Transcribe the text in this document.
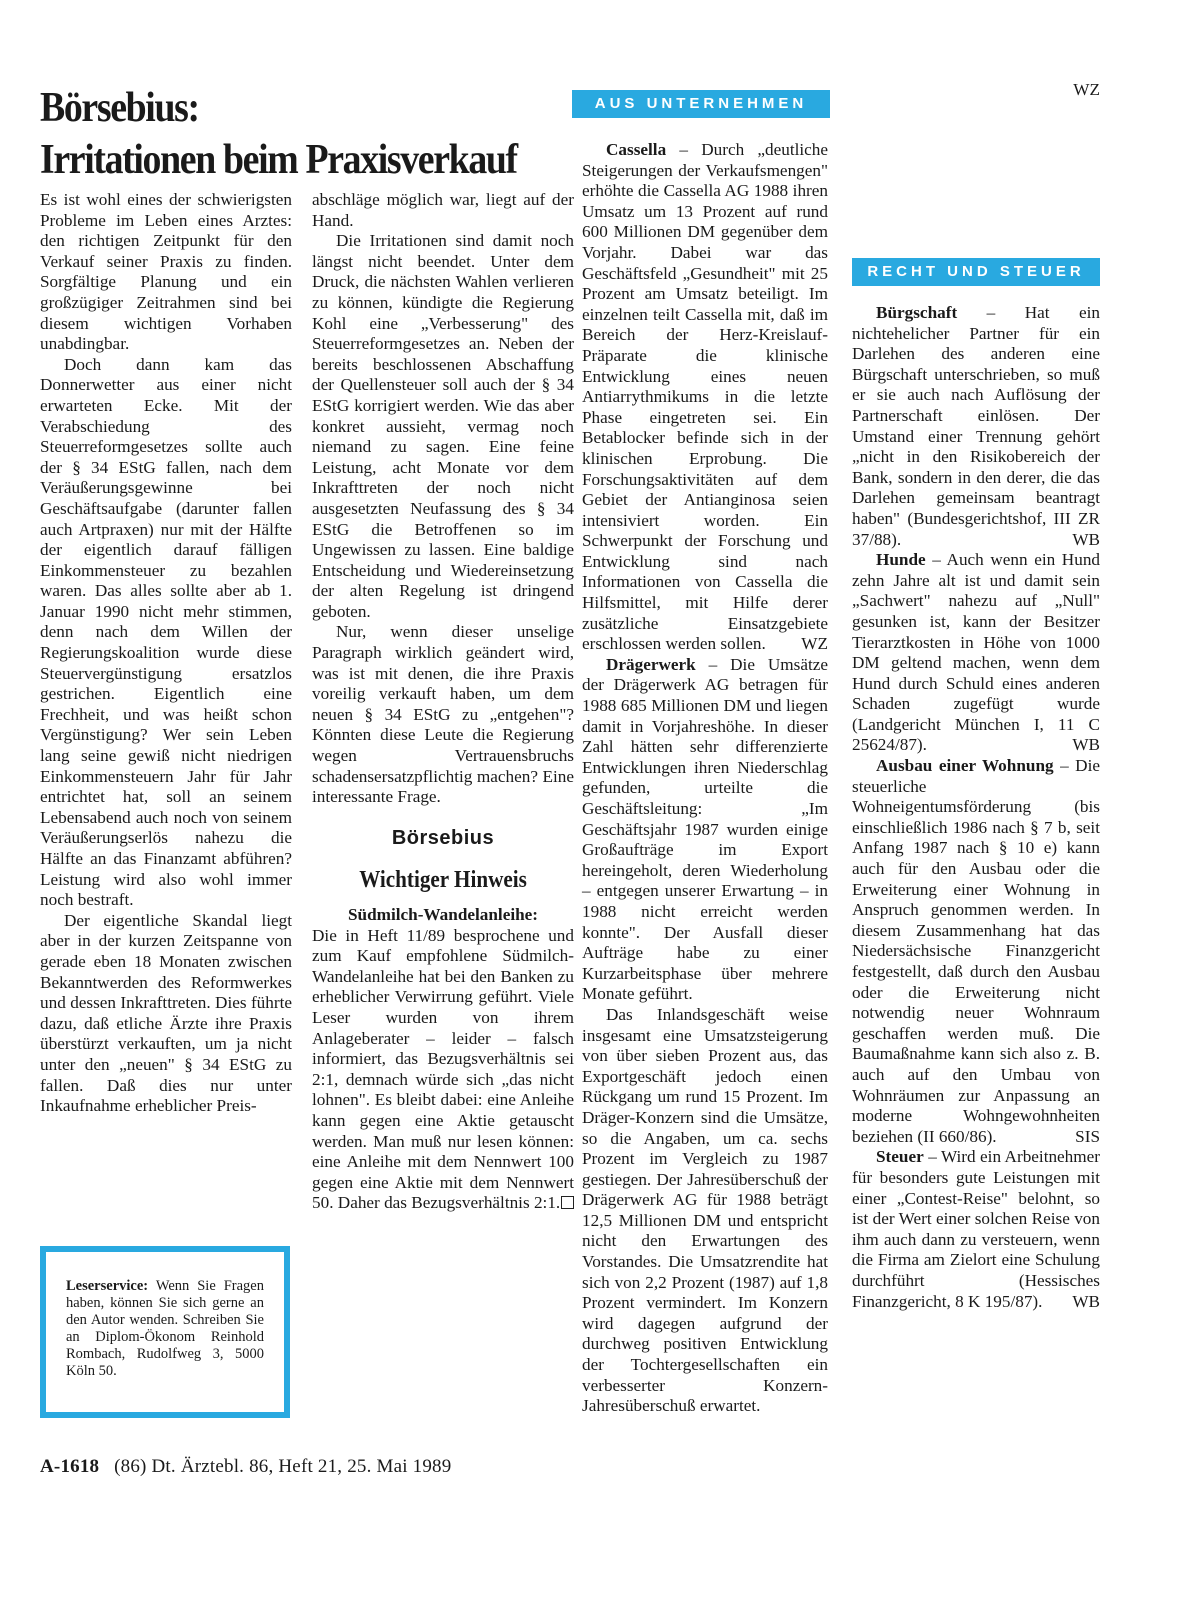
Börsebius:
Irritationen beim Praxisverkauf

Es ist wohl eines der schwierigsten Probleme im Leben eines Arztes: den richtigen Zeitpunkt für den Verkauf seiner Praxis zu finden. Sorgfältige Planung und ein großzügiger Zeitrahmen sind bei diesem wichtigen Vorhaben unabdingbar.

Doch dann kam das Donnerwetter aus einer nicht erwarteten Ecke. Mit der Verabschiedung des Steuerreformgesetzes sollte auch der § 34 EStG fallen, nach dem Veräußerungsgewinne bei Geschäftsaufgabe (darunter fallen auch Artpraxen) nur mit der Hälfte der eigentlich darauf fälligen Einkommensteuer zu bezahlen waren. Das alles sollte aber ab 1. Januar 1990 nicht mehr stimmen, denn nach dem Willen der Regierungskoalition wurde diese Steuervergünstigung ersatzlos gestrichen. Eigentlich eine Frechheit, und was heißt schon Vergünstigung? Wer sein Leben lang seine gewiß nicht niedrigen Einkommensteuern Jahr für Jahr entrichtet hat, soll an seinem Lebensabend auch noch von seinem Veräußerungserlös nahezu die Hälfte an das Finanzamt abführen? Leistung wird also wohl immer noch bestraft.

Der eigentliche Skandal liegt aber in der kurzen Zeitspanne von gerade eben 18 Monaten zwischen Bekanntwerden des Reformwerkes und dessen Inkrafttreten. Dies führte dazu, daß etliche Ärzte ihre Praxis überstürzt verkauften, um ja nicht unter den „neuen" § 34 EStG zu fallen. Daß dies nur unter Inkaufnahme erheblicher Preis-

Leserservice: Wenn Sie Fragen haben, können Sie sich gerne an den Autor wenden. Schreiben Sie an Diplom-Ökonom Reinhold Rombach, Rudolfweg 3, 5000 Köln 50.

abschläge möglich war, liegt auf der Hand.

Die Irritationen sind damit noch längst nicht beendet. Unter dem Druck, die nächsten Wahlen verlieren zu können, kündigte die Regierung Kohl eine „Verbesserung" des Steuerreformgesetzes an. Neben der bereits beschlossenen Abschaffung der Quellensteuer soll auch der § 34 EStG korrigiert werden. Wie das aber konkret aussieht, vermag noch niemand zu sagen. Eine feine Leistung, acht Monate vor dem Inkrafttreten der noch nicht ausgesetzten Neufassung des § 34 EStG die Betroffenen so im Ungewissen zu lassen. Eine baldige Entscheidung und Wiedereinsetzung der alten Regelung ist dringend geboten.

Nur, wenn dieser unselige Paragraph wirklich geändert wird, was ist mit denen, die ihre Praxis voreilig verkauft haben, um dem neuen § 34 EStG zu „entgehen"? Könnten diese Leute die Regierung wegen Vertrauensbruchs schadensersatzpflichtig machen? Eine interessante Frage.

Börsebius
Wichtiger Hinweis

Südmilch-Wandelanleihe:
Die in Heft 11/89 besprochene und zum Kauf empfohlene Südmilch-Wandelanleihe hat bei den Banken zu erheblicher Verwirrung geführt. Viele Leser wurden von ihrem Anlageberater – leider – falsch informiert, das Bezugsverhältnis sei 2:1, demnach würde sich „das nicht lohnen". Es bleibt dabei: eine Anleihe kann gegen eine Aktie getauscht werden. Man muß nur lesen können: eine Anleihe mit dem Nennwert 100 gegen eine Aktie mit dem Nennwert 50. Daher das Bezugsverhältnis 2:1.

AUS UNTERNEHMEN

Cassella – Durch „deutliche Steigerungen der Verkaufsmengen" erhöhte die Cassella AG 1988 ihren Umsatz um 13 Prozent auf rund 600 Millionen DM gegenüber dem Vorjahr. Dabei war das Geschäftsfeld „Gesundheit" mit 25 Prozent am Umsatz beteiligt. Im einzelnen teilt Cassella mit, daß im Bereich der Herz-Kreislauf-Präparate die klinische Entwicklung eines neuen Antiarrythmikums in die letzte Phase eingetreten sei. Ein Betablocker befinde sich in der klinischen Erprobung. Die Forschungsaktivitäten auf dem Gebiet der Antianginosa seien intensiviert worden. Ein Schwerpunkt der Forschung und Entwicklung sind nach Informationen von Cassella die Hilfsmittel, mit Hilfe derer zusätzliche Einsatzgebiete erschlossen werden sollen.	WZ

Drägerwerk – Die Umsätze der Drägerwerk AG betragen für 1988 685 Millionen DM und liegen damit in Vorjahreshöhe. In dieser Zahl hätten sehr differenzierte Entwicklungen ihren Niederschlag gefunden, urteilte die Geschäftsleitung: „Im Geschäftsjahr 1987 wurden einige Großaufträge im Export hereingeholt, deren Wiederholung – entgegen unserer Erwartung – in 1988 nicht erreicht werden konnte". Der Ausfall dieser Aufträge habe zu einer Kurzarbeitsphase über mehrere Monate geführt.

Das Inlandsgeschäft weise insgesamt eine Umsatzsteigerung von über sieben Prozent aus, das Exportgeschäft jedoch einen Rückgang um rund 15 Prozent. Im Dräger-Konzern sind die Umsätze, so die Angaben, um ca. sechs Prozent im Vergleich zu 1987 gestiegen. Der Jahresüberschuß der Drägerwerk AG für 1988 beträgt 12,5 Millionen DM und entspricht nicht den Erwartungen des Vorstandes. Die Umsatzrendite hat sich von 2,2 Prozent (1987) auf 1,8 Prozent vermindert. Im Konzern wird dagegen aufgrund der durchweg positiven Entwicklung der Tochtergesellschaften ein verbesserter Konzern-Jahresüberschuß erwartet.

WZ

RECHT UND STEUER

Bürgschaft – Hat ein nichtehelicher Partner für ein Darlehen des anderen eine Bürgschaft unterschrieben, so muß er sie auch nach Auflösung der Partnerschaft einlösen. Der Umstand einer Trennung gehört „nicht in den Risikobereich der Bank, sondern in den derer, die das Darlehen gemeinsam beantragt haben" (Bundesgerichtshof, III ZR 37/88).	WB

Hunde – Auch wenn ein Hund zehn Jahre alt ist und damit sein „Sachwert" nahezu auf „Null" gesunken ist, kann der Besitzer Tierarztkosten in Höhe von 1000 DM geltend machen, wenn dem Hund durch Schuld eines anderen Schaden zugefügt wurde (Landgericht München I, 11 C 25624/87).	WB

Ausbau einer Wohnung – Die steuerliche Wohneigentumsförderung (bis einschließlich 1986 nach § 7 b, seit Anfang 1987 nach § 10 e) kann auch für den Ausbau oder die Erweiterung einer Wohnung in Anspruch genommen werden. In diesem Zusammenhang hat das Niedersächsische Finanzgericht festgestellt, daß durch den Ausbau oder die Erweiterung nicht notwendig neuer Wohnraum geschaffen werden muß. Die Baumaßnahme kann sich also z. B. auch auf den Umbau von Wohnräumen zur Anpassung an moderne Wohngewohnheiten beziehen (II 660/86).	SIS

Steuer – Wird ein Arbeitnehmer für besonders gute Leistungen mit einer „Contest-Reise" belohnt, so ist der Wert einer solchen Reise von ihm auch dann zu versteuern, wenn die Firma am Zielort eine Schulung durchführt (Hessisches Finanzgericht, 8 K 195/87).	WB

A-1618 (86) Dt. Ärztebl. 86, Heft 21, 25. Mai 1989
